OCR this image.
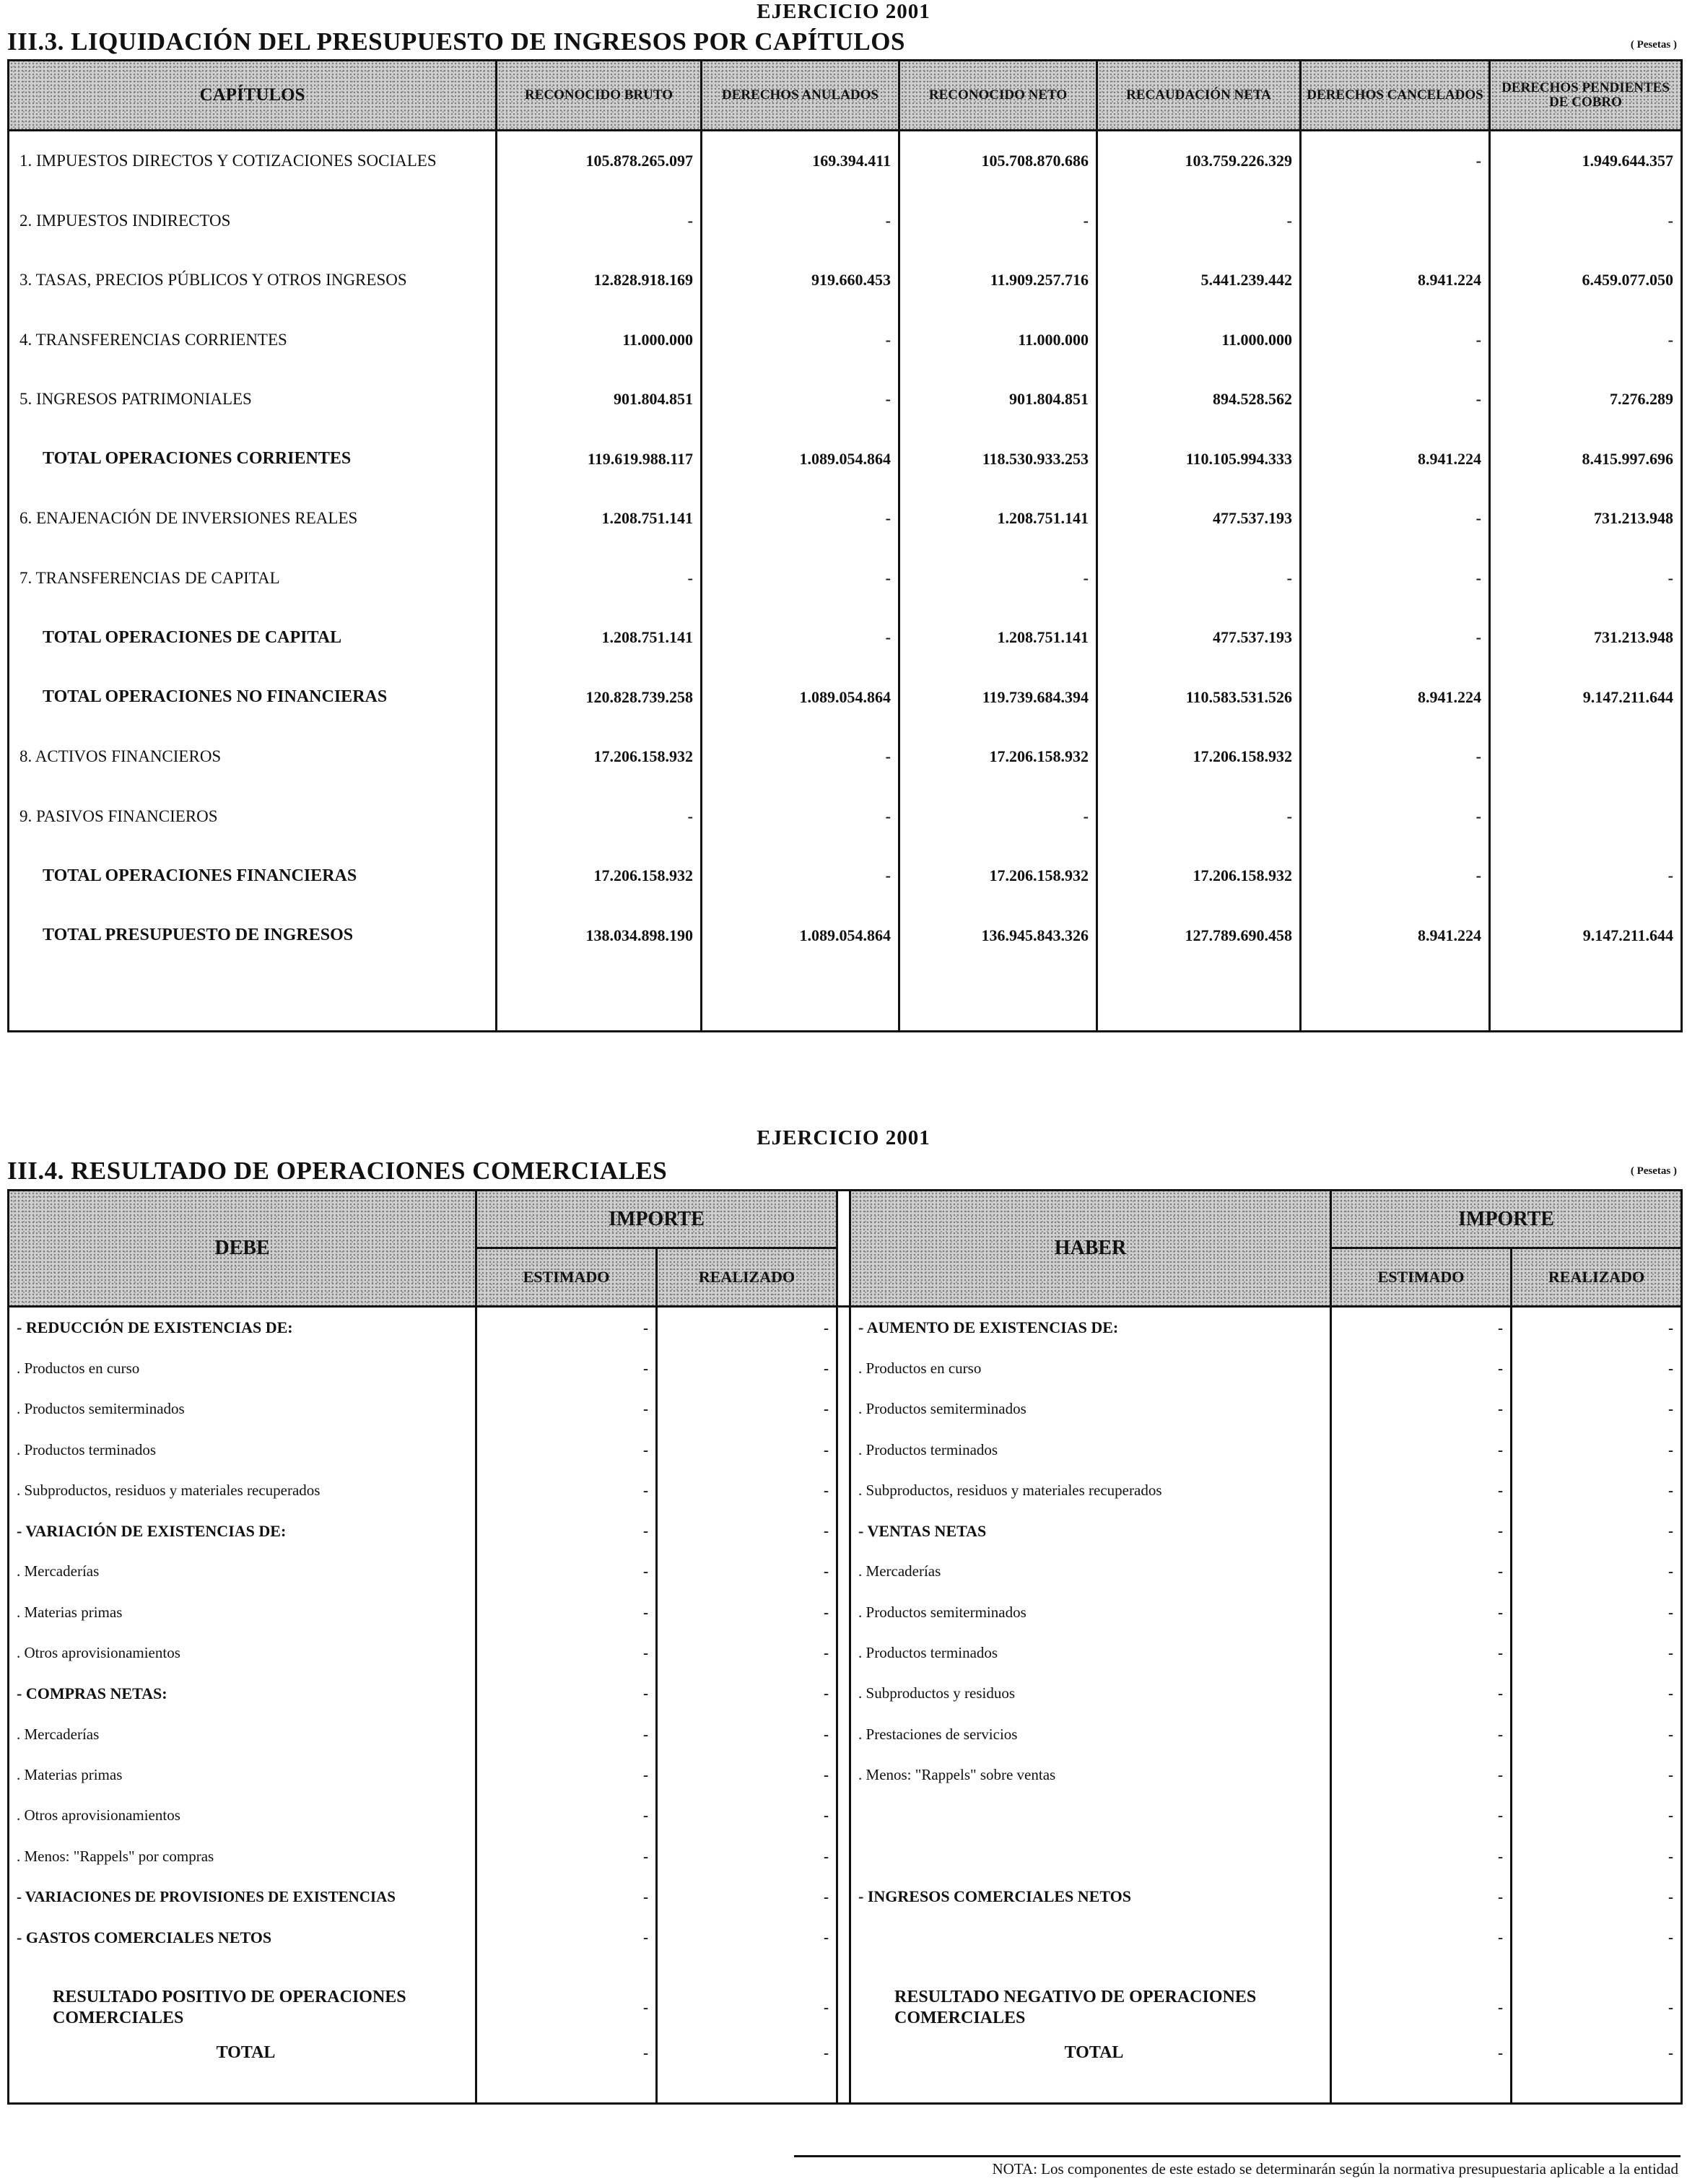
EJERCICIO 2001
III.3. LIQUIDACIÓN DEL PRESUPUESTO DE INGRESOS POR CAPÍTULOS	( Pesetas )
CAPÍTULOS	RECONOCIDO BRUTO	DERECHOS ANULADOS	RECONOCIDO NETO	RECAUDACIÓN NETA	DERECHOS CANCELADOS	DERECHOS PENDIENTES DE COBRO
1. IMPUESTOS DIRECTOS Y COTIZACIONES SOCIALES	105.878.265.097	169.394.411	105.708.870.686	103.759.226.329	-	1.949.644.357
2. IMPUESTOS INDIRECTOS	-	-	-	-		-
3. TASAS, PRECIOS PÚBLICOS Y OTROS INGRESOS	12.828.918.169	919.660.453	11.909.257.716	5.441.239.442	8.941.224	6.459.077.050
4. TRANSFERENCIAS CORRIENTES	11.000.000	-	11.000.000	11.000.000	-	-
5. INGRESOS PATRIMONIALES	901.804.851	-	901.804.851	894.528.562	-	7.276.289
TOTAL OPERACIONES CORRIENTES	119.619.988.117	1.089.054.864	118.530.933.253	110.105.994.333	8.941.224	8.415.997.696
6. ENAJENACIÓN DE INVERSIONES REALES	1.208.751.141	-	1.208.751.141	477.537.193	-	731.213.948
7. TRANSFERENCIAS DE CAPITAL	-	-	-	-	-	-
TOTAL OPERACIONES DE CAPITAL	1.208.751.141	-	1.208.751.141	477.537.193	-	731.213.948
TOTAL OPERACIONES NO FINANCIERAS	120.828.739.258	1.089.054.864	119.739.684.394	110.583.531.526	8.941.224	9.147.211.644
8. ACTIVOS FINANCIEROS	17.206.158.932	-	17.206.158.932	17.206.158.932	-	
9. PASIVOS FINANCIEROS	-	-	-	-	-	
TOTAL OPERACIONES FINANCIERAS	17.206.158.932	-	17.206.158.932	17.206.158.932	-	-
TOTAL PRESUPUESTO DE INGRESOS	138.034.898.190	1.089.054.864	136.945.843.326	127.789.690.458	8.941.224	9.147.211.644

EJERCICIO 2001
III.4. RESULTADO DE OPERACIONES COMERCIALES	( Pesetas )
DEBE	IMPORTE			HABER	IMPORTE	
	ESTIMADO	REALIZADO			ESTIMADO	REALIZADO
- REDUCCIÓN DE EXISTENCIAS DE:	-	-		- AUMENTO DE EXISTENCIAS DE:	-	-
. Productos en curso	-	-		. Productos en curso	-	-
. Productos semiterminados	-	-		. Productos semiterminados	-	-
. Productos terminados	-	-		. Productos terminados	-	-
. Subproductos, residuos y materiales recuperados	-	-		. Subproductos, residuos y materiales recuperados	-	-
- VARIACIÓN DE EXISTENCIAS DE:	-	-		- VENTAS NETAS	-	-
. Mercaderías	-	-		. Mercaderías	-	-
. Materias primas	-	-		. Productos semiterminados	-	-
. Otros aprovisionamientos	-	-		. Productos terminados	-	-
- COMPRAS NETAS:	-	-		. Subproductos y residuos	-	-
. Mercaderías	-	-		. Prestaciones de servicios	-	-
. Materias primas	-	-		. Menos: "Rappels" sobre ventas	-	-
. Otros aprovisionamientos	-	-			-	-
. Menos: "Rappels" por compras	-	-			-	-
- VARIACIONES DE PROVISIONES DE EXISTENCIAS	-	-		- INGRESOS COMERCIALES NETOS	-	-
- GASTOS COMERCIALES NETOS	-	-			-	-

RESULTADO POSITIVO DE OPERACIONES COMERCIALES	-	-		RESULTADO NEGATIVO DE OPERACIONES COMERCIALES	-	-
TOTAL	-	-		TOTAL	-	-

NOTA: Los componentes de este estado se determinarán según la normativa presupuestaria aplicable a la entidad
